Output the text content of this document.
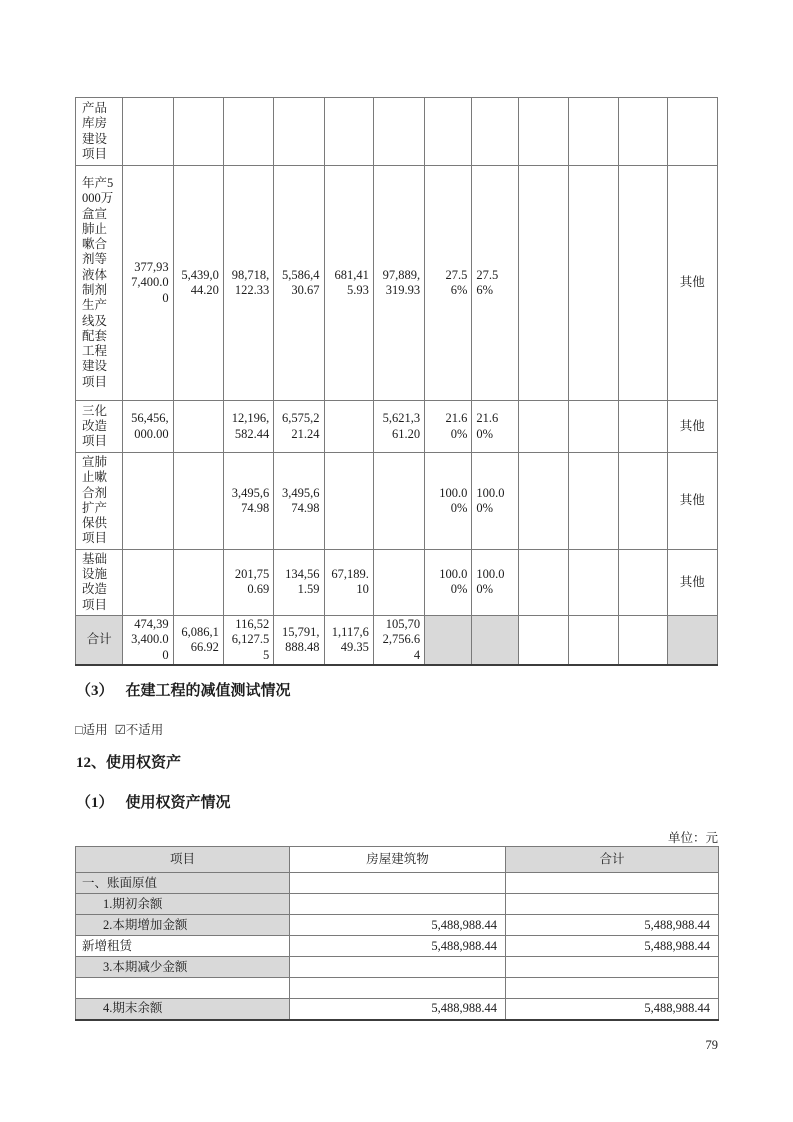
产品库房建设项目												
年产5000万盒宣肺止嗽合剂等液体制剂生产线及配套工程建设项目	377,937,400.00	5,439,044.20	98,718,122.33	5,586,430.67	681,415.93	97,889,319.93	27.56%	27.56%				其他
三化改造项目	56,456,000.00		12,196,582.44	6,575,221.24		5,621,361.20	21.60%	21.60%				其他
宣肺止嗽合剂扩产保供项目			3,495,674.98	3,495,674.98			100.00%	100.00%				其他
基础设施改造项目			201,750.69	134,561.59	67,189.10		100.00%	100.00%				其他
合计	474,393,400.00	6,086,166.92	116,526,127.55	15,791,888.48	1,117,649.35	105,702,756.64						
（3） 在建工程的减值测试情况
□适用 ☑不适用
12、使用权资产
（1） 使用权资产情况
单位：元
项目	房屋建筑物	合计
一、账面原值		
1.期初余额		
2.本期增加金额	5,488,988.44	5,488,988.44
新增租赁	5,488,988.44	5,488,988.44
3.本期减少金额		

4.期末余额	5,488,988.44	5,488,988.44
79
